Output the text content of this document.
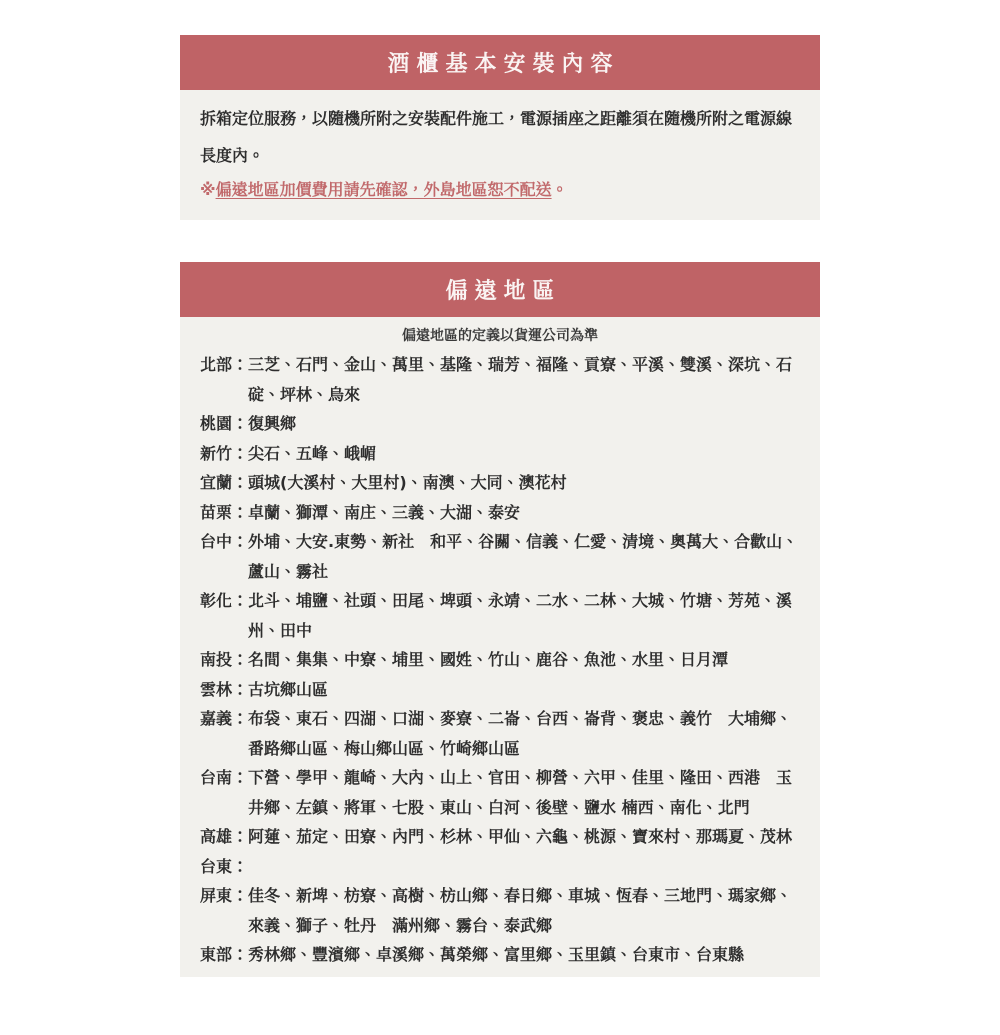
酒櫃基本安裝內容

拆箱定位服務，以隨機所附之安裝配件施工，電源插座之距離須在隨機所附之電源線長度內。

※偏遠地區加價費用請先確認，外島地區恕不配送。

偏遠地區

偏遠地區的定義以貨運公司為準

北部： 三芝、石門、金山、萬里、基隆、瑞芳、福隆、貢寮、平溪、雙溪、深坑、石碇、坪林、烏來
桃園： 復興鄉
新竹： 尖石、五峰、峨嵋
宜蘭： 頭城(大溪村、大里村)、南澳、大同、澳花村
苗栗： 卓蘭、獅潭、南庄、三義、大湖、泰安
台中： 外埔、大安.東勢、新社　和平、谷關、信義、仁愛、清境、奧萬大、合歡山、蘆山、霧社
彰化： 北斗、埔鹽、社頭、田尾、埤頭、永靖、二水、二林、大城、竹塘、芳苑、溪州、田中
南投： 名間、集集、中寮、埔里、國姓、竹山、鹿谷、魚池、水里、日月潭
雲林： 古坑鄉山區
嘉義： 布袋、東石、四湖、口湖、麥寮、二崙、台西、崙背、褒忠、義竹　大埔鄉、番路鄉山區、梅山鄉山區、竹崎鄉山區
台南： 下營、學甲、龍崎、大內、山上、官田、柳營、六甲、佳里、隆田、西港　玉井鄉、左鎮、將軍、七股、東山、白河、後壁、鹽水 楠西、南化、北門
高雄： 阿蓮、茄定、田寮、內門、杉林、甲仙、六龜、桃源、寶來村、那瑪夏、茂林
台東：
屏東： 佳冬、新埤、枋寮、高樹、枋山鄉、春日鄉、車城、恆春、三地門、瑪家鄉、來義、獅子、牡丹　滿州鄉、霧台、泰武鄉
東部： 秀林鄉、豐濱鄉、卓溪鄉、萬榮鄉、富里鄉、玉里鎮、台東市、台東縣
